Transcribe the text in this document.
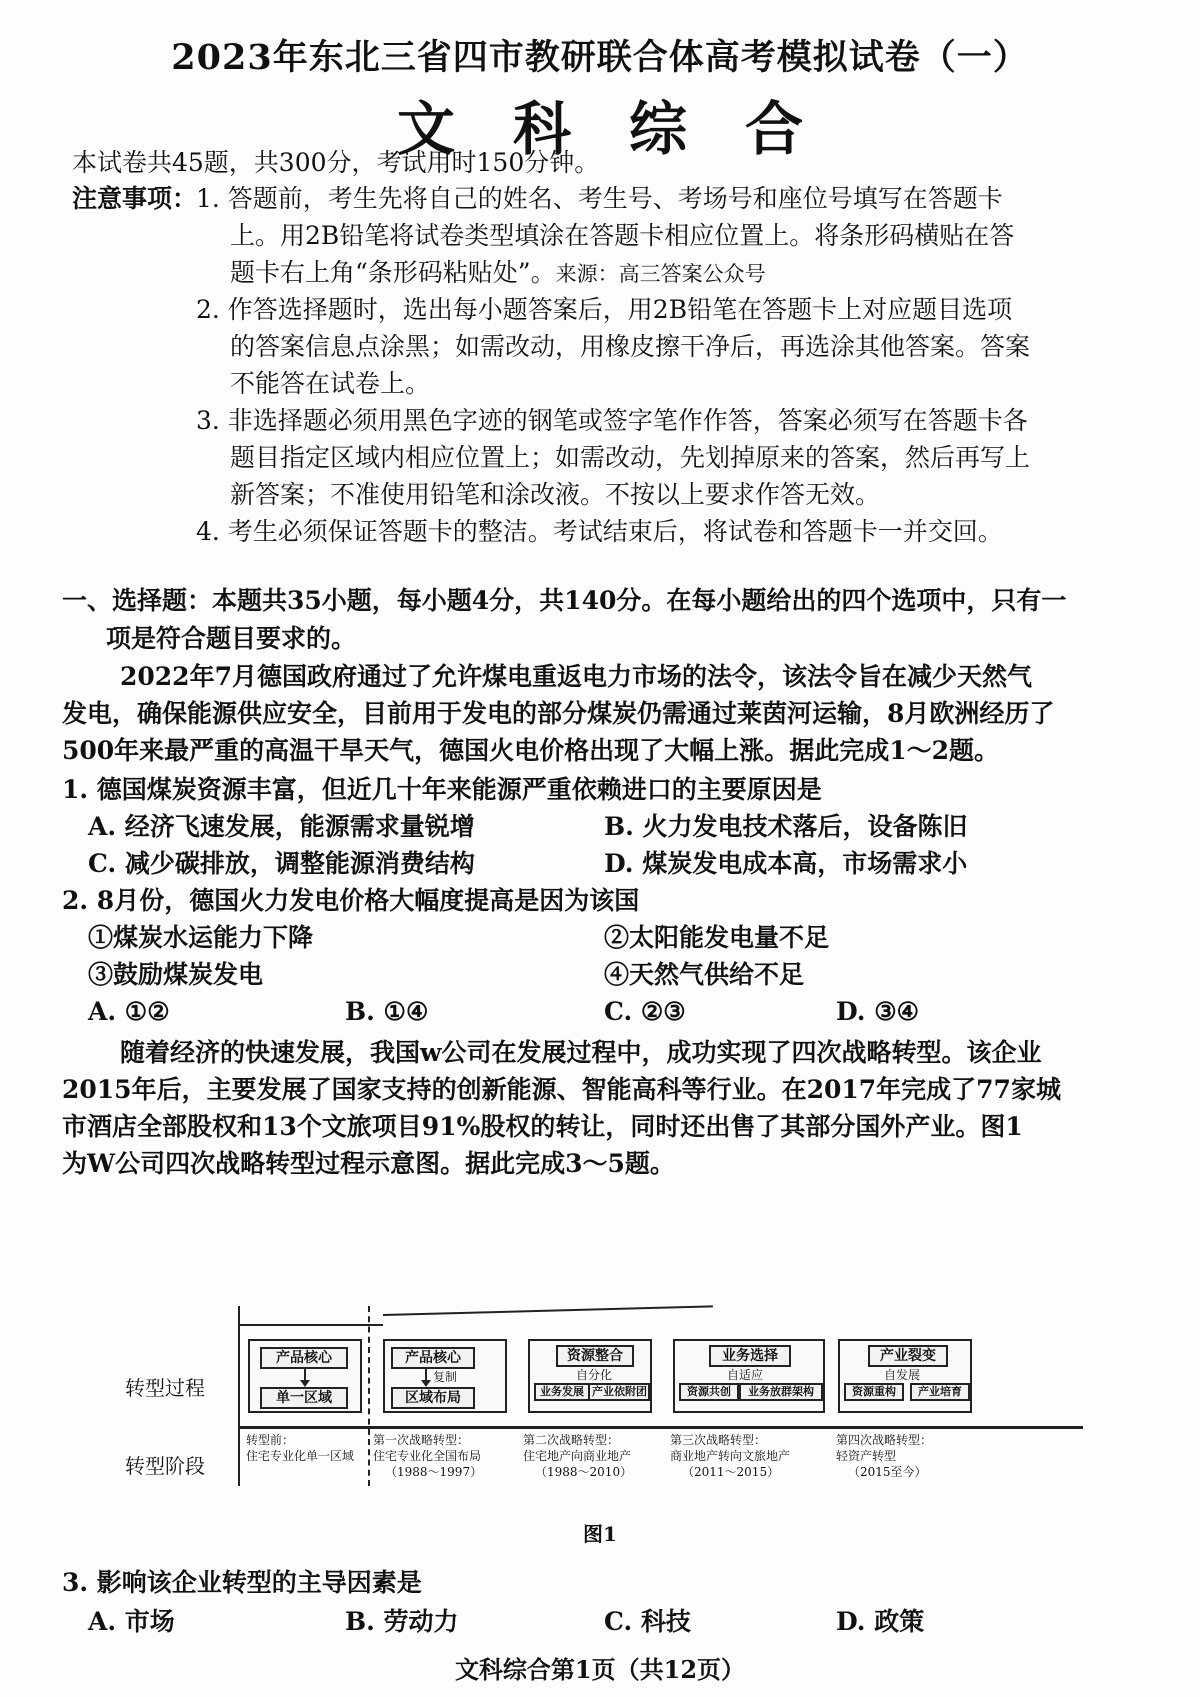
2023年东北三省四市教研联合体高考模拟试卷（一）
文科综合
本试卷共45题，共300分，考试用时150分钟。
注意事项：
1. 答题前，考生先将自己的姓名、考生号、考场号和座位号填写在答题卡
上。用2B铅笔将试卷类型填涂在答题卡相应位置上。将条形码横贴在答
题卡右上角“条形码粘贴处”。来源：高三答案公众号
2. 作答选择题时，选出每小题答案后，用2B铅笔在答题卡上对应题目选项
的答案信息点涂黑；如需改动，用橡皮擦干净后，再选涂其他答案。答案
不能答在试卷上。
3. 非选择题必须用黑色字迹的钢笔或签字笔作作答，答案必须写在答题卡各
题目指定区域内相应位置上；如需改动，先划掉原来的答案，然后再写上
新答案；不准使用铅笔和涂改液。不按以上要求作答无效。
4. 考生必须保证答题卡的整洁。考试结束后，将试卷和答题卡一并交回。
一、选择题：本题共35小题，每小题4分，共140分。在每小题给出的四个选项中，只有一
项是符合题目要求的。
2022年7月德国政府通过了允许煤电重返电力市场的法令，该法令旨在减少天然气
发电，确保能源供应安全，目前用于发电的部分煤炭仍需通过莱茵河运输，8月欧洲经历了
500年来最严重的高温干旱天气，德国火电价格出现了大幅上涨。据此完成1～2题。
1. 德国煤炭资源丰富，但近几十年来能源严重依赖进口的主要原因是
A. 经济飞速发展，能源需求量锐增	B. 火力发电技术落后，设备陈旧
C. 减少碳排放，调整能源消费结构	D. 煤炭发电成本高，市场需求小
2. 8月份，德国火力发电价格大幅度提高是因为该国
①煤炭水运能力下降	②太阳能发电量不足
③鼓励煤炭发电	④天然气供给不足
A. ①②	B. ①④	C. ②③	D. ③④
随着经济的快速发展，我国w公司在发展过程中，成功实现了四次战略转型。该企业
2015年后，主要发展了国家支持的创新能源、智能高科等行业。在2017年完成了77家城
市酒店全部股权和13个文旅项目91%股权的转让，同时还出售了其部分国外产业。图1
为W公司四次战略转型过程示意图。据此完成3～5题。
转型过程
转型阶段
产品核心
单一区域
产品核心
复制
区域布局
资源整合
自分化
业务发展 产业依附团
业务选择
自适应
资源共创	业务放群架构
产业裂变
自发展
资源重构	产业培育
转型前：
住宅专业化单一区域
第一次战略转型：
住宅专业化全国布局
（1988～1997）
第二次战略转型：
住宅地产向商业地产
（1988～2010）
第三次战略转型：
商业地产转向文旅地产
（2011～2015）
第四次战略转型：
轻资产转型
（2015至今）
图1
3. 影响该企业转型的主导因素是
A. 市场	B. 劳动力	C. 科技	D. 政策
文科综合第1页（共12页）
